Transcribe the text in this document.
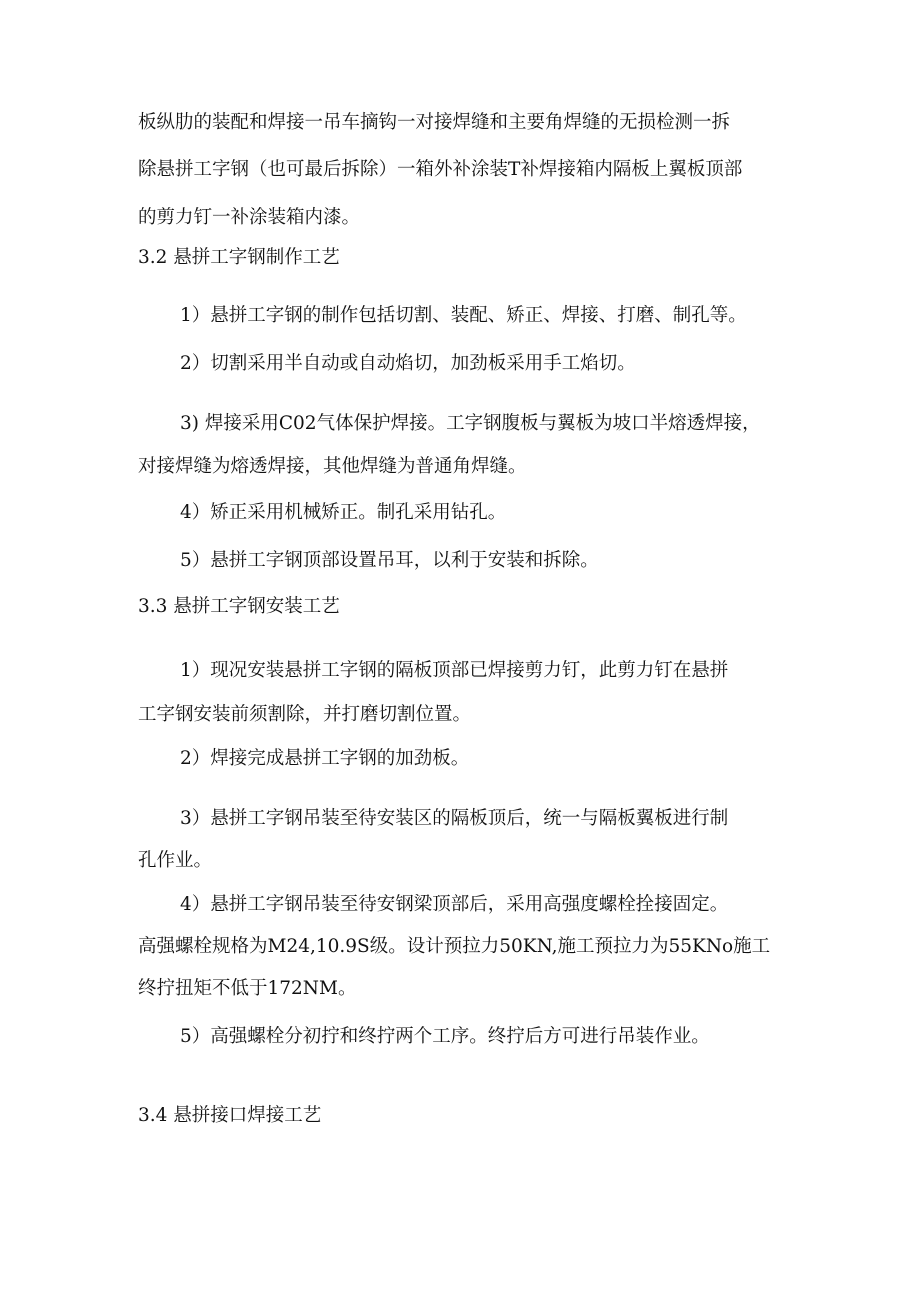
板纵肋的装配和焊接一吊车摘钩一对接焊缝和主要角焊缝的无损检测一拆
除悬拼工字钢（也可最后拆除）一箱外补涂装T补焊接箱内隔板上翼板顶部
的剪力钉一补涂装箱内漆。
3.2 悬拼工字钢制作工艺
1）悬拼工字钢的制作包括切割、装配、矫正、焊接、打磨、制孔等。
2）切割采用半自动或自动焰切，加劲板采用手工焰切。
3) 焊接采用C02气体保护焊接。工字钢腹板与翼板为坡口半熔透焊接，
对接焊缝为熔透焊接，其他焊缝为普通角焊缝。
4）矫正采用机械矫正。制孔采用钻孔。
5）悬拼工字钢顶部设置吊耳，以利于安装和拆除。
3.3 悬拼工字钢安装工艺
1）现况安装悬拼工字钢的隔板顶部已焊接剪力钉，此剪力钉在悬拼
工字钢安装前须割除，并打磨切割位置。
2）焊接完成悬拼工字钢的加劲板。
3）悬拼工字钢吊装至待安装区的隔板顶后，统一与隔板翼板进行制
孔作业。
4）悬拼工字钢吊装至待安钢梁顶部后，采用高强度螺栓拴接固定。
高强螺栓规格为M24,10.9S级。设计预拉力50KN,施工预拉力为55KNo施工
终拧扭矩不低于172NM。
5）高强螺栓分初拧和终拧两个工序。终拧后方可进行吊装作业。
3.4 悬拼接口焊接工艺
